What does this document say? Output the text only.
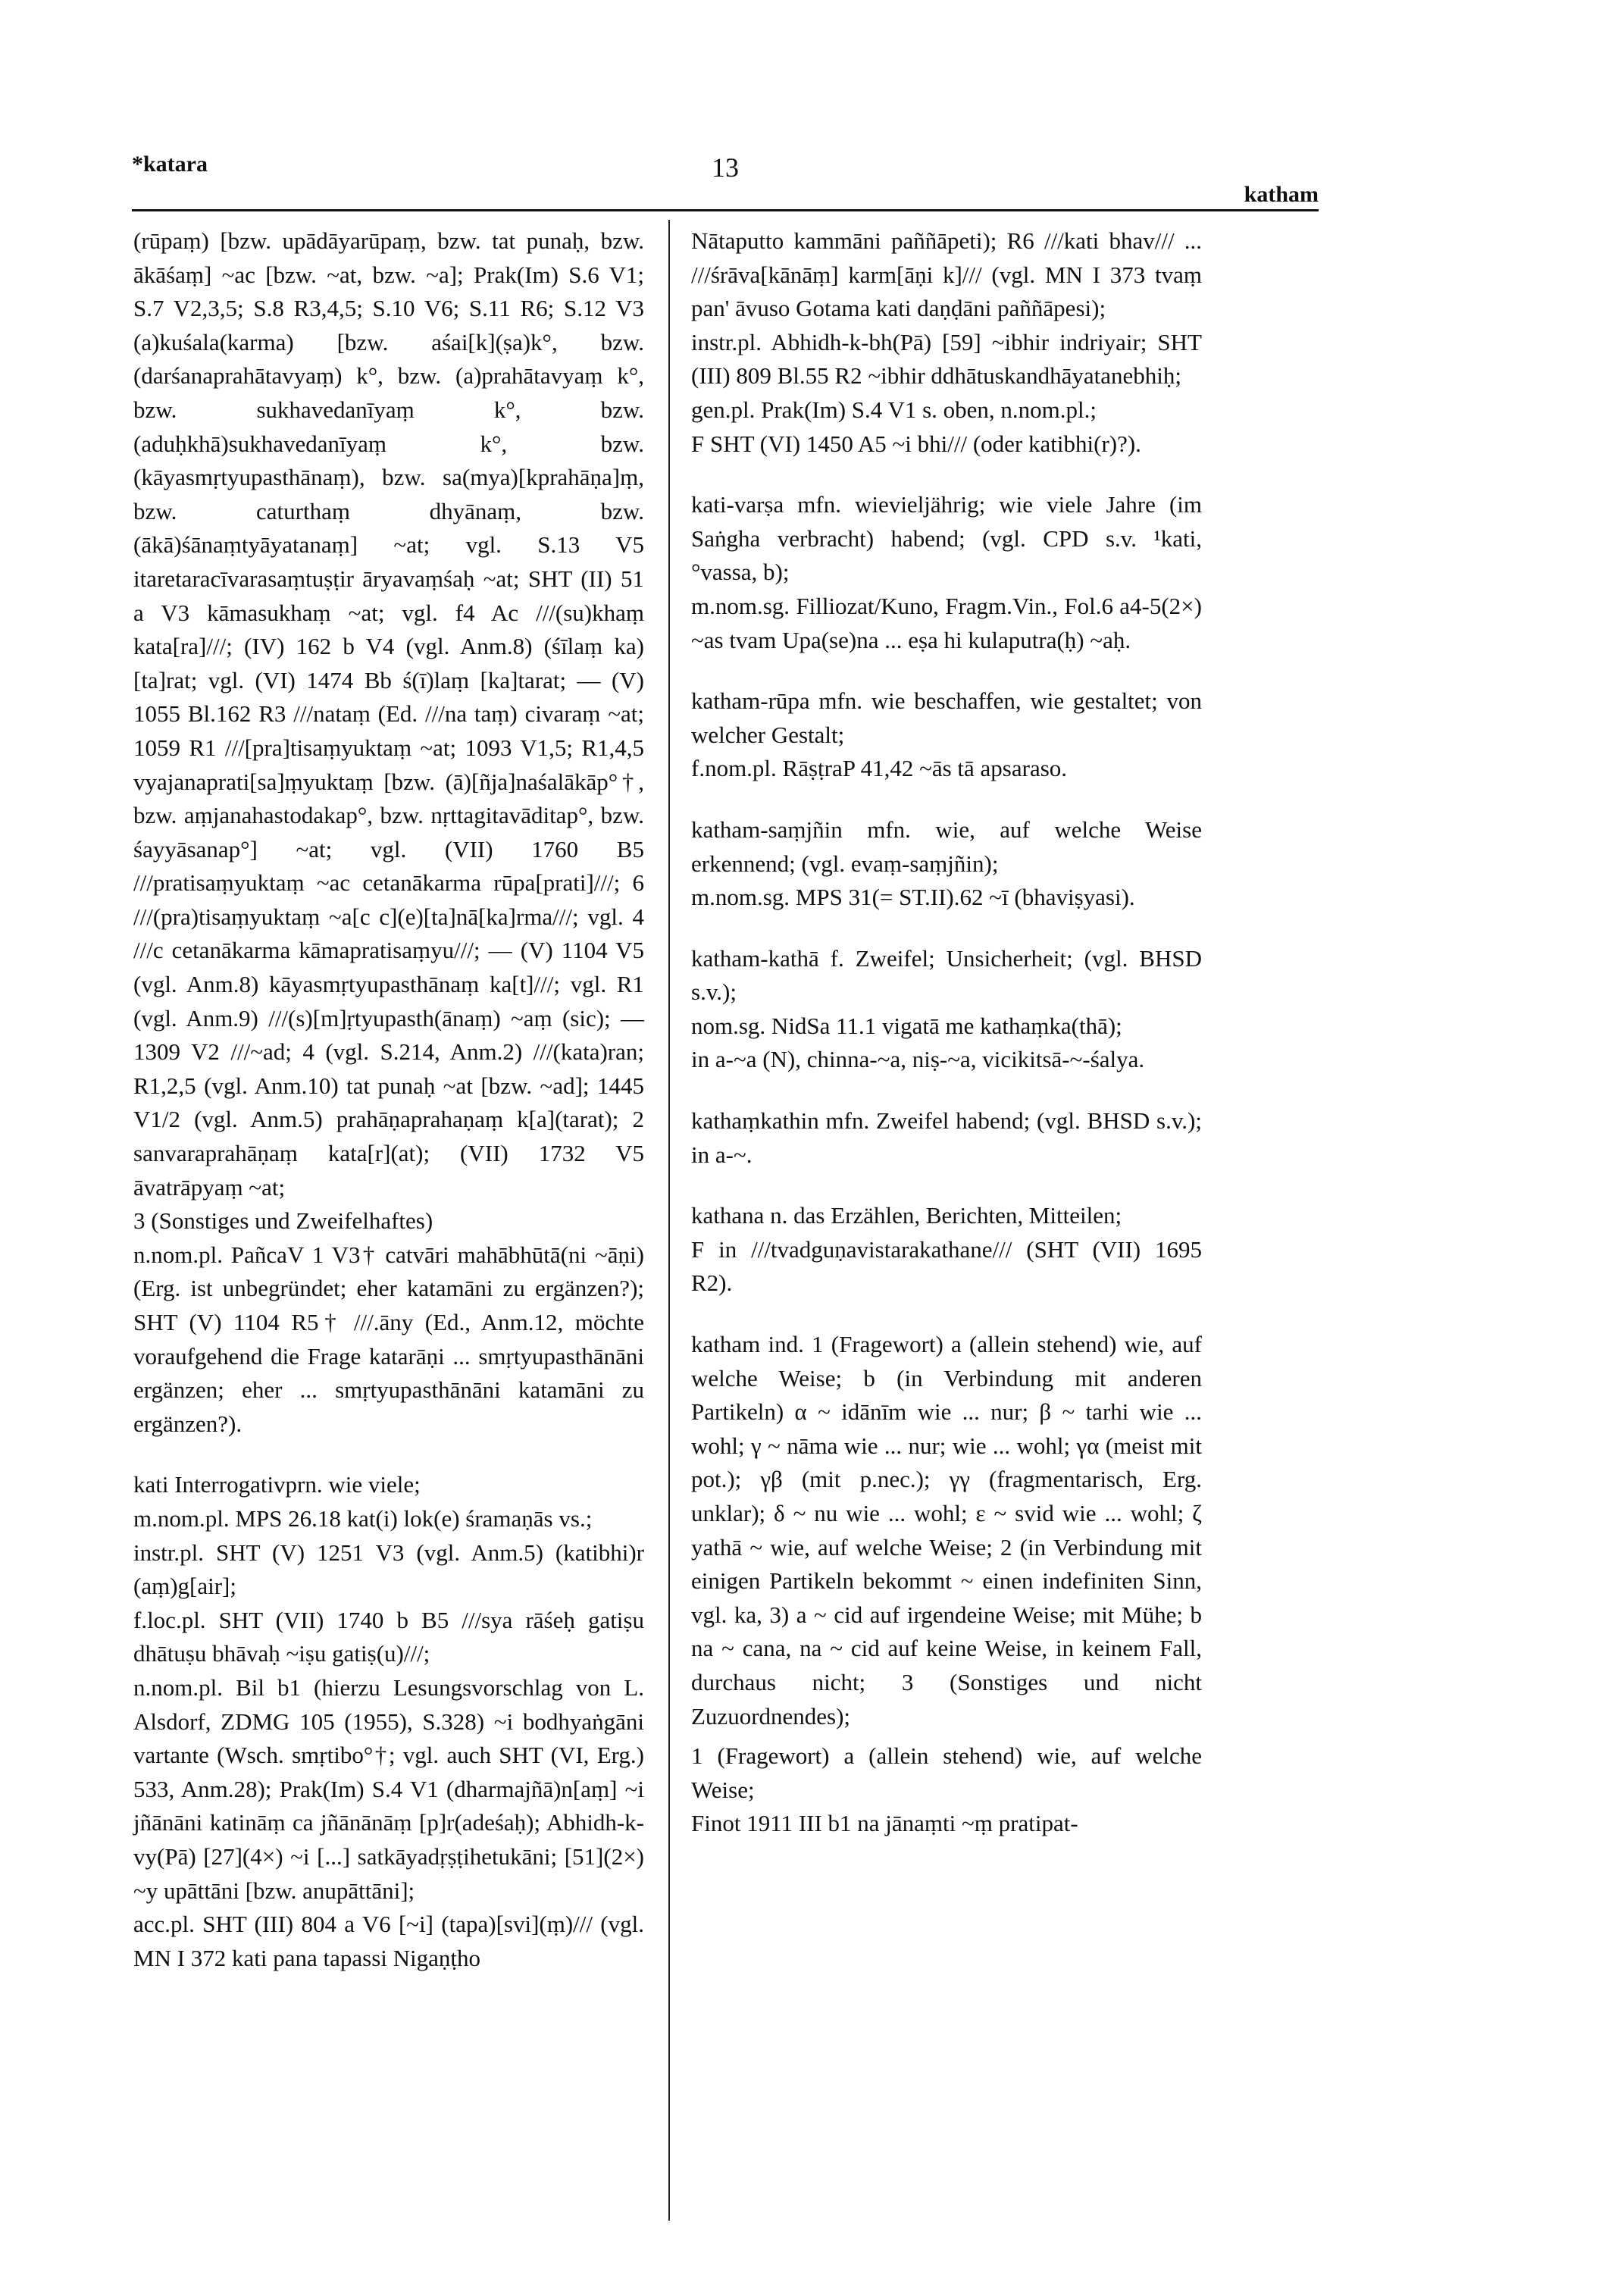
*katara	13
katham

(rūpaṃ) [bzw. upādāyarūpaṃ, bzw. tat punaḥ, bzw. ākāśaṃ] ~ac [bzw. ~at, bzw. ~a]; Prak(Im) S.6 V1; S.7 V2,3,5; S.8 R3,4,5; S.10 V6; S.11 R6; S.12 V3 (a)kuśala(karma) [bzw. aśai[k](ṣa)k°, bzw. (darśanaprahātavyaṃ) k°, bzw. (a)prahātavyaṃ k°, bzw. sukhavedanīyaṃ k°, bzw. (aduḥkhā)sukhavedanīyaṃ k°, bzw. (kāyasmṛtyupasthānaṃ), bzw. sa(mya)[kprahāṇa]ṃ, bzw. caturthaṃ dhyānaṃ, bzw. (ākā)śānaṃtyāyatanaṃ] ~at; vgl. S.13 V5 itaretaracīvarasaṃtuṣṭir āryavaṃśaḥ ~at; SHT (II) 51 a V3 kāmasukhaṃ ~at; vgl. f4 Ac ///(su)khaṃ kata[ra]///; (IV) 162 b V4 (vgl. Anm.8) (śīlaṃ ka)[ta]rat; vgl. (VI) 1474 Bb ś(ī)laṃ [ka]tarat; — (V) 1055 Bl.162 R3 ///nataṃ (Ed. ///na taṃ) civaraṃ ~at; 1059 R1 ///[pra]tisaṃyuktaṃ ~at; 1093 V1,5; R1,4,5 vyajanaprati[sa]ṃyuktaṃ [bzw. (ā)[ñja]naśalākāp°†, bzw. aṃjanahastodakap°, bzw. nṛttagitavāditap°, bzw. śayyāsanap°] ~at; vgl. (VII) 1760 B5 ///pratisaṃyuktaṃ ~ac cetanākarma rūpa[prati]///; 6 ///(pra)tisaṃyuktaṃ ~a[c c](e)[ta]nā[ka]rma///; vgl. 4 ///c cetanākarma kāmapratisaṃyu///; — (V) 1104 V5 (vgl. Anm.8) kāyasmṛtyupasthānaṃ ka[t]///; vgl. R1 (vgl. Anm.9) ///(s)[m]ṛtyupasth(ānaṃ) ~aṃ (sic); — 1309 V2 ///~ad; 4 (vgl. S.214, Anm.2) ///(kata)ran; R1,2,5 (vgl. Anm.10) tat punaḥ ~at [bzw. ~ad]; 1445 V1/2 (vgl. Anm.5) prahāṇaprahaṇaṃ k[a](tarat); 2 sanvaraprahāṇaṃ kata[r](at); (VII) 1732 V5 āvatrāpyaṃ ~at;

3 (Sonstiges und Zweifelhaftes)

n.nom.pl. PañcaV 1 V3† catvāri mahābhūtā(ni ~āṇi) (Erg. ist unbegründet; eher katamāni zu ergänzen?); SHT (V) 1104 R5† ///.āny (Ed., Anm.12, möchte voraufgehend die Frage katarāṇi ... smṛtyupasthānāni ergänzen; eher ... smṛtyupasthānāni katamāni zu ergänzen?).

kati Interrogativprn. wie viele;

m.nom.pl. MPS 26.18 kat(i) lok(e) śramaṇās vs.;

instr.pl. SHT (V) 1251 V3 (vgl. Anm.5) (katibhi)r (aṃ)g[air];

f.loc.pl. SHT (VII) 1740 b B5 ///sya rāśeḥ gatiṣu dhātuṣu bhāvaḥ ~iṣu gatiṣ(u)///;

n.nom.pl. Bil b1 (hierzu Lesungsvorschlag von L. Alsdorf, ZDMG 105 (1955), S.328) ~i bodhyaṅgāni vartante (Wsch. smṛtibo°†; vgl. auch SHT (VI, Erg.) 533, Anm.28); Prak(Im) S.4 V1 (dharmajñā)n[aṃ] ~i jñānāni katināṃ ca jñānānāṃ [p]r(adeśaḥ); Abhidh-k-vy(Pā) [27](4×) ~i [...] satkāyadṛṣṭihetukāni; [51](2×) ~y upāttāni [bzw. anupāttāni];

acc.pl. SHT (III) 804 a V6 [~i] (tapa)[svi](ṃ)/// (vgl. MN I 372 kati pana tapassi Nigaṇṭho

Nātaputto kammāni paññāpeti); R6 ///kati bhav/// ... ///śrāva[kānāṃ] karm[āṇi k]/// (vgl. MN I 373 tvaṃ pan' āvuso Gotama kati daṇḍāni paññāpesi);

instr.pl. Abhidh-k-bh(Pā) [59] ~ibhir indriyair; SHT (III) 809 Bl.55 R2 ~ibhir ddhātuskandhāyatanebhiḥ;

gen.pl. Prak(Im) S.4 V1 s. oben, n.nom.pl.;

F SHT (VI) 1450 A5 ~i bhi/// (oder katibhi(r)?).

kati-varṣa mfn. wievieljährig; wie viele Jahre (im Saṅgha verbracht) habend; (vgl. CPD s.v. ¹kati, °vassa, b);

m.nom.sg. Filliozat/Kuno, Fragm.Vin., Fol.6 a4-5(2×) ~as tvam Upa(se)na ... eṣa hi kulaputra(ḥ) ~aḥ.

katham-rūpa mfn. wie beschaffen, wie gestaltet; von welcher Gestalt;

f.nom.pl. RāṣṭraP 41,42 ~ās tā apsaraso.

katham-saṃjñin mfn. wie, auf welche Weise erkennend; (vgl. evaṃ-saṃjñin);

m.nom.sg. MPS 31(= ST.II).62 ~ī (bhaviṣyasi).

katham-kathā f. Zweifel; Unsicherheit; (vgl. BHSD s.v.);

nom.sg. NidSa 11.1 vigatā me kathaṃka(thā);

in a-~a (N), chinna-~a, niṣ-~a, vicikitsā-~-śalya.

kathaṃkathin mfn. Zweifel habend; (vgl. BHSD s.v.); in a-~.

kathana n. das Erzählen, Berichten, Mitteilen;

F in ///tvadguṇavistarakathane/// (SHT (VII) 1695 R2).

katham ind. 1 (Fragewort) a (allein stehend) wie, auf welche Weise; b (in Verbindung mit anderen Partikeln) α ~ idānīm wie ... nur; β ~ tarhi wie ... wohl; γ ~ nāma wie ... nur; wie ... wohl; γα (meist mit pot.); γβ (mit p.nec.); γγ (fragmentarisch, Erg. unklar); δ ~ nu wie ... wohl; ε ~ svid wie ... wohl; ζ yathā ~ wie, auf welche Weise; 2 (in Verbindung mit einigen Partikeln bekommt ~ einen indefiniten Sinn, vgl. ka, 3) a ~ cid auf irgendeine Weise; mit Mühe; b na ~ cana, na ~ cid auf keine Weise, in keinem Fall, durchaus nicht; 3 (Sonstiges und nicht Zuzuordnendes);

1 (Fragewort) a (allein stehend) wie, auf welche Weise;

Finot 1911 III b1 na jānaṃti ~ṃ pratipat-
